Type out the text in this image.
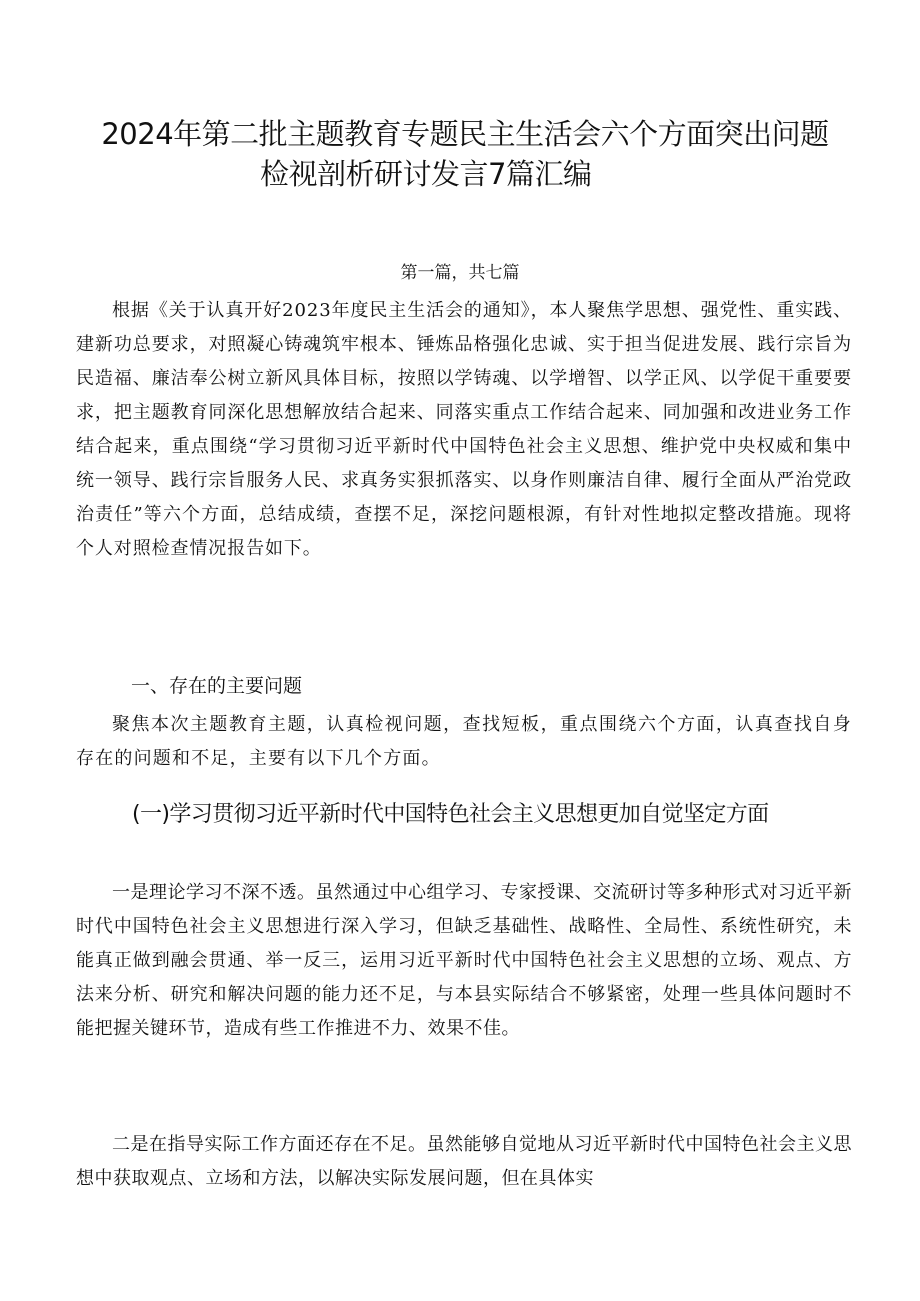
2024年第二批主题教育专题民主生活会六个方面突出问题
检视剖析研讨发言7篇汇编
第一篇，共七篇

根据《关于认真开好2023年度民主生活会的通知》，本人聚焦学思想、强党性、重实践、建新功总要求，对照凝心铸魂筑牢根本、锤炼品格强化忠诚、实于担当促进发展、践行宗旨为民造福、廉洁奉公树立新风具体目标，按照以学铸魂、以学增智、以学正风、以学促干重要要求，把主题教育同深化思想解放结合起来、同落实重点工作结合起来、同加强和改进业务工作结合起来，重点围绕“学习贯彻习近平新时代中国特色社会主义思想、维护党中央权威和集中统一领导、践行宗旨服务人民、求真务实狠抓落实、以身作则廉洁自律、履行全面从严治党政治责任”等六个方面，总结成绩，查摆不足，深挖问题根源，有针对性地拟定整改措施。现将个人对照检查情况报告如下。

一、存在的主要问题

聚焦本次主题教育主题，认真检视问题，查找短板，重点围绕六个方面，认真查找自身存在的问题和不足，主要有以下几个方面。

(一)学习贯彻习近平新时代中国特色社会主义思想更加自觉坚定方面

一是理论学习不深不透。虽然通过中心组学习、专家授课、交流研讨等多种形式对习近平新时代中国特色社会主义思想进行深入学习，但缺乏基础性、战略性、全局性、系统性研究，未能真正做到融会贯通、举一反三，运用习近平新时代中国特色社会主义思想的立场、观点、方法来分析、研究和解决问题的能力还不足，与本县实际结合不够紧密，处理一些具体问题时不能把握关键环节，造成有些工作推进不力、效果不佳。

二是在指导实际工作方面还存在不足。虽然能够自觉地从习近平新时代中国特色社会主义思想中获取观点、立场和方法，以解决实际发展问题，但在具体实
